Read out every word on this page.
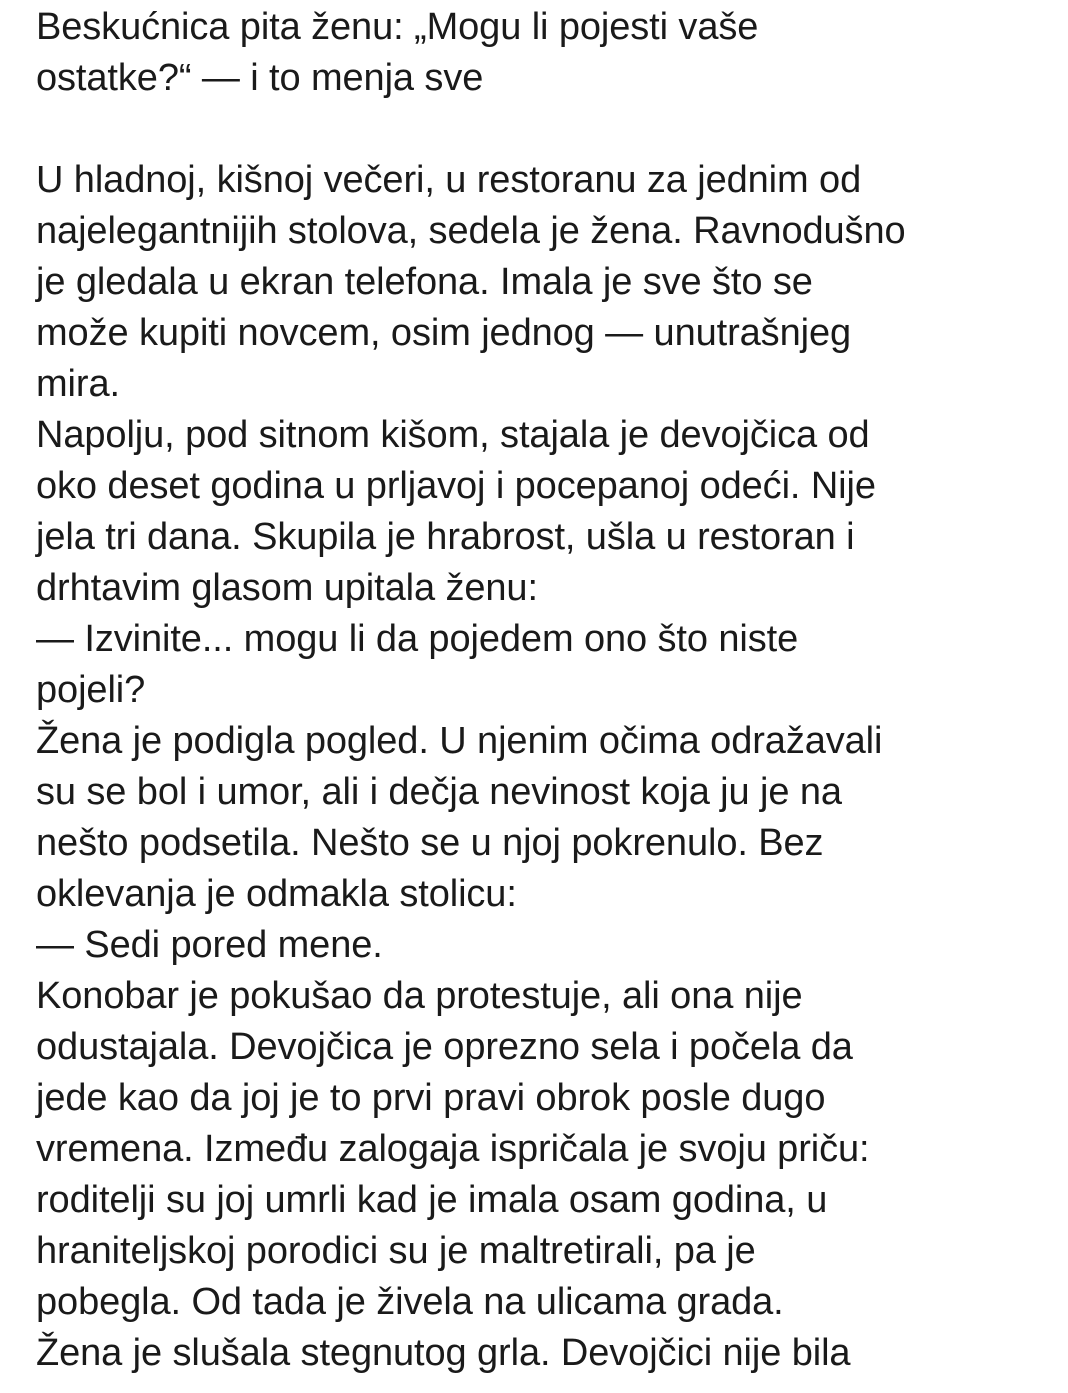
Beskućnica pita ženu: „Mogu li pojesti vaše
ostatke?“ — i to menja sve
U hladnoj, kišnoj večeri, u restoranu za jednim od
najelegantnijih stolova, sedela je žena. Ravnodušno
je gledala u ekran telefona. Imala je sve što se
može kupiti novcem, osim jednog — unutrašnjeg
mira.
Napolju, pod sitnom kišom, stajala je devojčica od
oko deset godina u prljavoj i pocepanoj odeći. Nije
jela tri dana. Skupila je hrabrost, ušla u restoran i
drhtavim glasom upitala ženu:
— Izvinite... mogu li da pojedem ono što niste
pojeli?
Žena je podigla pogled. U njenim očima odražavali
su se bol i umor, ali i dečja nevinost koja ju je na
nešto podsetila. Nešto se u njoj pokrenulo. Bez
oklevanja je odmakla stolicu:
— Sedi pored mene.
Konobar je pokušao da protestuje, ali ona nije
odustajala. Devojčica je oprezno sela i počela da
jede kao da joj je to prvi pravi obrok posle dugo
vremena. Između zalogaja ispričala je svoju priču:
roditelji su joj umrli kad je imala osam godina, u
hraniteljskoj porodici su je maltretirali, pa je
pobegla. Od tada je živela na ulicama grada.
Žena je slušala stegnutog grla. Devojčici nije bila
